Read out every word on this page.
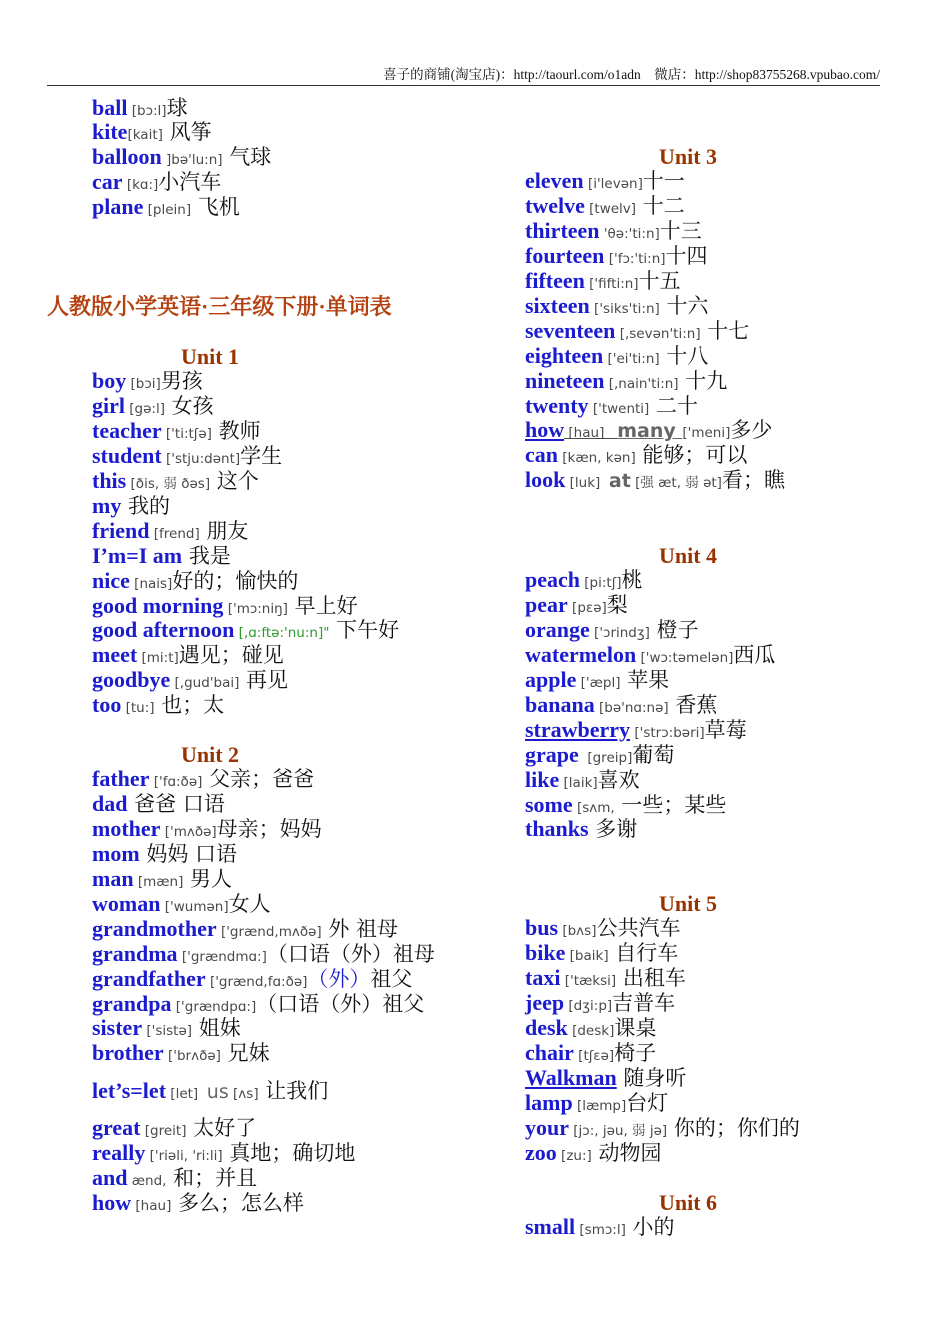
喜子的商铺(淘宝店)：http://taourl.com/o1adn　微店：http://shop83755268.vpubao.com/
ball [bɔ:l]球
kite[kait] 风筝
balloon ]bə'lu:n] 气球
car [kɑ:]小汽车
plane [plein] 飞机
人教版小学英语·三年级下册·单词表
Unit 1
boy [bɔi]男孩
girl [gə:l] 女孩
teacher ['ti:tʃə] 教师
student ['stju:dənt]学生
this [ðis, 弱 ðəs] 这个
my 我的
friend [frend] 朋友
I’m=I am 我是
nice [nais]好的；愉快的
good morning ['mɔ:niŋ] 早上好
good afternoon [,ɑ:ftə:'nu:n]" 下午好
meet [mi:t]遇见；碰见
goodbye [,gud'bai] 再见
too [tu:] 也；太
Unit 2
father ['fɑ:ðə] 父亲；爸爸
dad 爸爸 口语
mother ['mʌðə]母亲；妈妈
mom 妈妈 口语
man [mæn] 男人
woman ['wumən]女人
grandmother ['grænd,mʌðə] 外 祖母
grandma ['grændmɑ:]（口语（外）祖母
grandfather ['grænd,fɑ:ðə]（外）祖父
grandpa ['grændpɑ:]（口语（外）祖父
sister ['sistə] 姐妹
brother ['brʌðə] 兄妹
let’s=let [let]  us [ʌs] 让我们
great [greit] 太好了
really ['riəli, 'ri:li] 真地；确切地
and ænd, 和；并且
how [hau] 多么；怎么样
Unit 3
eleven [i'levən]十一
twelve [twelv] 十二
thirteen 'θə:'ti:n]十三
fourteen ['fɔ:'ti:n]十四
fifteen ['fifti:n]十五
sixteen ['siks'ti:n] 十六
seventeen [,sevən'ti:n] 十七
eighteen ['ei'ti:n] 十八
nineteen [,nain'ti:n] 十九
twenty ['twenti] 二十
how [hau]   many ['meni]多少
can [kæn, kən] 能够；可以
look [luk]  at [强 æt, 弱 ət]看；瞧
Unit 4
peach [pi:tʃ]桃
pear [pɛə]梨
orange ['ɔrindʒ] 橙子
watermelon ['wɔ:təmelən]西瓜
apple ['æpl] 苹果
banana [bə'nɑ:nə] 香蕉
strawberry ['strɔ:bəri]草莓
grape  [greip]葡萄
like [laik]喜欢
some [sʌm, 一些；某些
thanks 多谢
Unit 5
bus [bʌs]公共汽车
bike [baik] 自行车
taxi ['tæksi] 出租车
jeep [dʒi:p]吉普车
desk [desk]课桌
chair [tʃɛə]椅子
Walkman 随身听
lamp [læmp]台灯
your [jɔ:, jəu, 弱 jə] 你的；你们的
zoo [zu:] 动物园
Unit 6
small [smɔ:l] 小的
